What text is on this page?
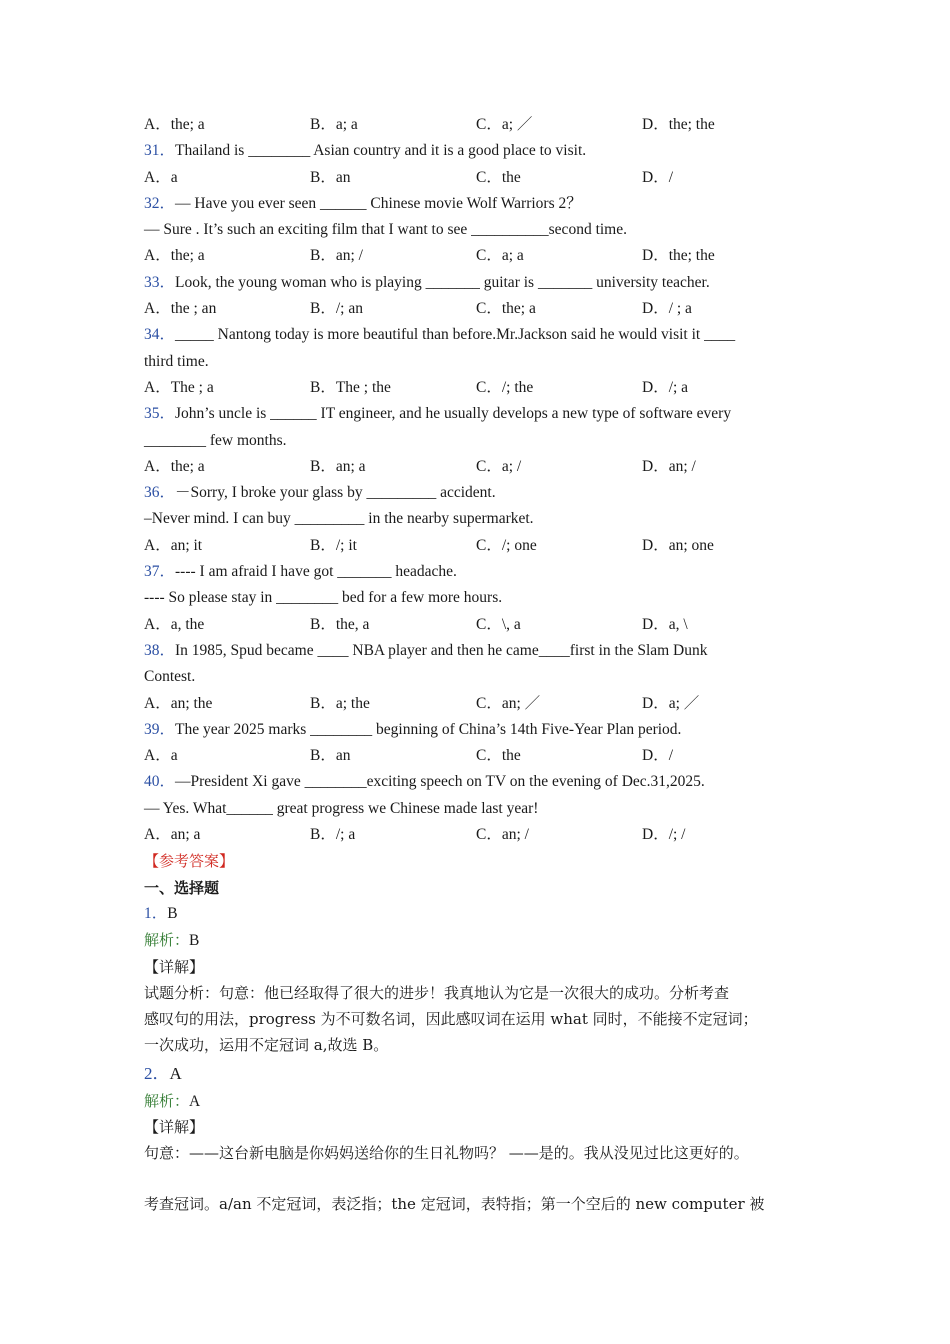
A．the; a	B．a; a	C．a; ／	D．the; the
31．Thailand is ________ Asian country and it is a good place to visit.
A．a	B．an	C．the	D．/
32．— Have you ever seen ______ Chinese movie Wolf Warriors 2？
— Sure . It’s such an exciting film that I want to see __________second time.
A．the; a	B．an; /	C．a; a	D．the; the
33．Look, the young woman who is playing _______ guitar is _______ university teacher.
A．the ; an	B．/; an	C．the; a	D．/ ; a
34．_____ Nantong today is more beautiful than before.Mr.Jackson said he would visit it ____
third time.
A．The ; a	B．The ; the	C．/; the	D．/; a
35．John’s uncle is ______ IT engineer, and he usually develops a new type of software every
________ few months.
A．the; a	B．an; a	C．a; /	D．an; /
36．－Sorry, I broke your glass by _________ accident.
–Never mind. I can buy _________ in the nearby supermarket.
A．an; it	B．/; it	C．/; one	D．an; one
37．---- I am afraid I have got _______ headache.
---- So please stay in ________ bed for a few more hours.
A．a, the	B．the, a	C．\, a	D．a, \
38．In 1985, Spud became ____ NBA player and then he came____first in the Slam Dunk
Contest.
A．an; the	B．a; the	C．an; ／	D．a; ／
39．The year 2025 marks ________ beginning of China’s 14th Five-Year Plan period.
A．a	B．an	C．the	D．/
40．—President Xi gave ________exciting speech on TV on the evening of Dec.31,2025.
— Yes. What______ great progress we Chinese made last year!
A．an; a	B．/; a	C．an; /	D．/; /
【参考答案】
一、选择题
1．B
解析：B
【详解】
试题分析：句意：他已经取得了很大的进步！我真地认为它是一次很大的成功。分析考查
感叹句的用法，progress 为不可数名词，因此感叹词在运用 what 同时，不能接不定冠词；
一次成功，运用不定冠词 a,故选 B。
2．A
解析：A
【详解】
句意：——这台新电脑是你妈妈送给你的生日礼物吗？ ——是的。我从没见过比这更好的。
考查冠词。a/an 不定冠词，表泛指；the 定冠词，表特指；第一个空后的 new computer 被
